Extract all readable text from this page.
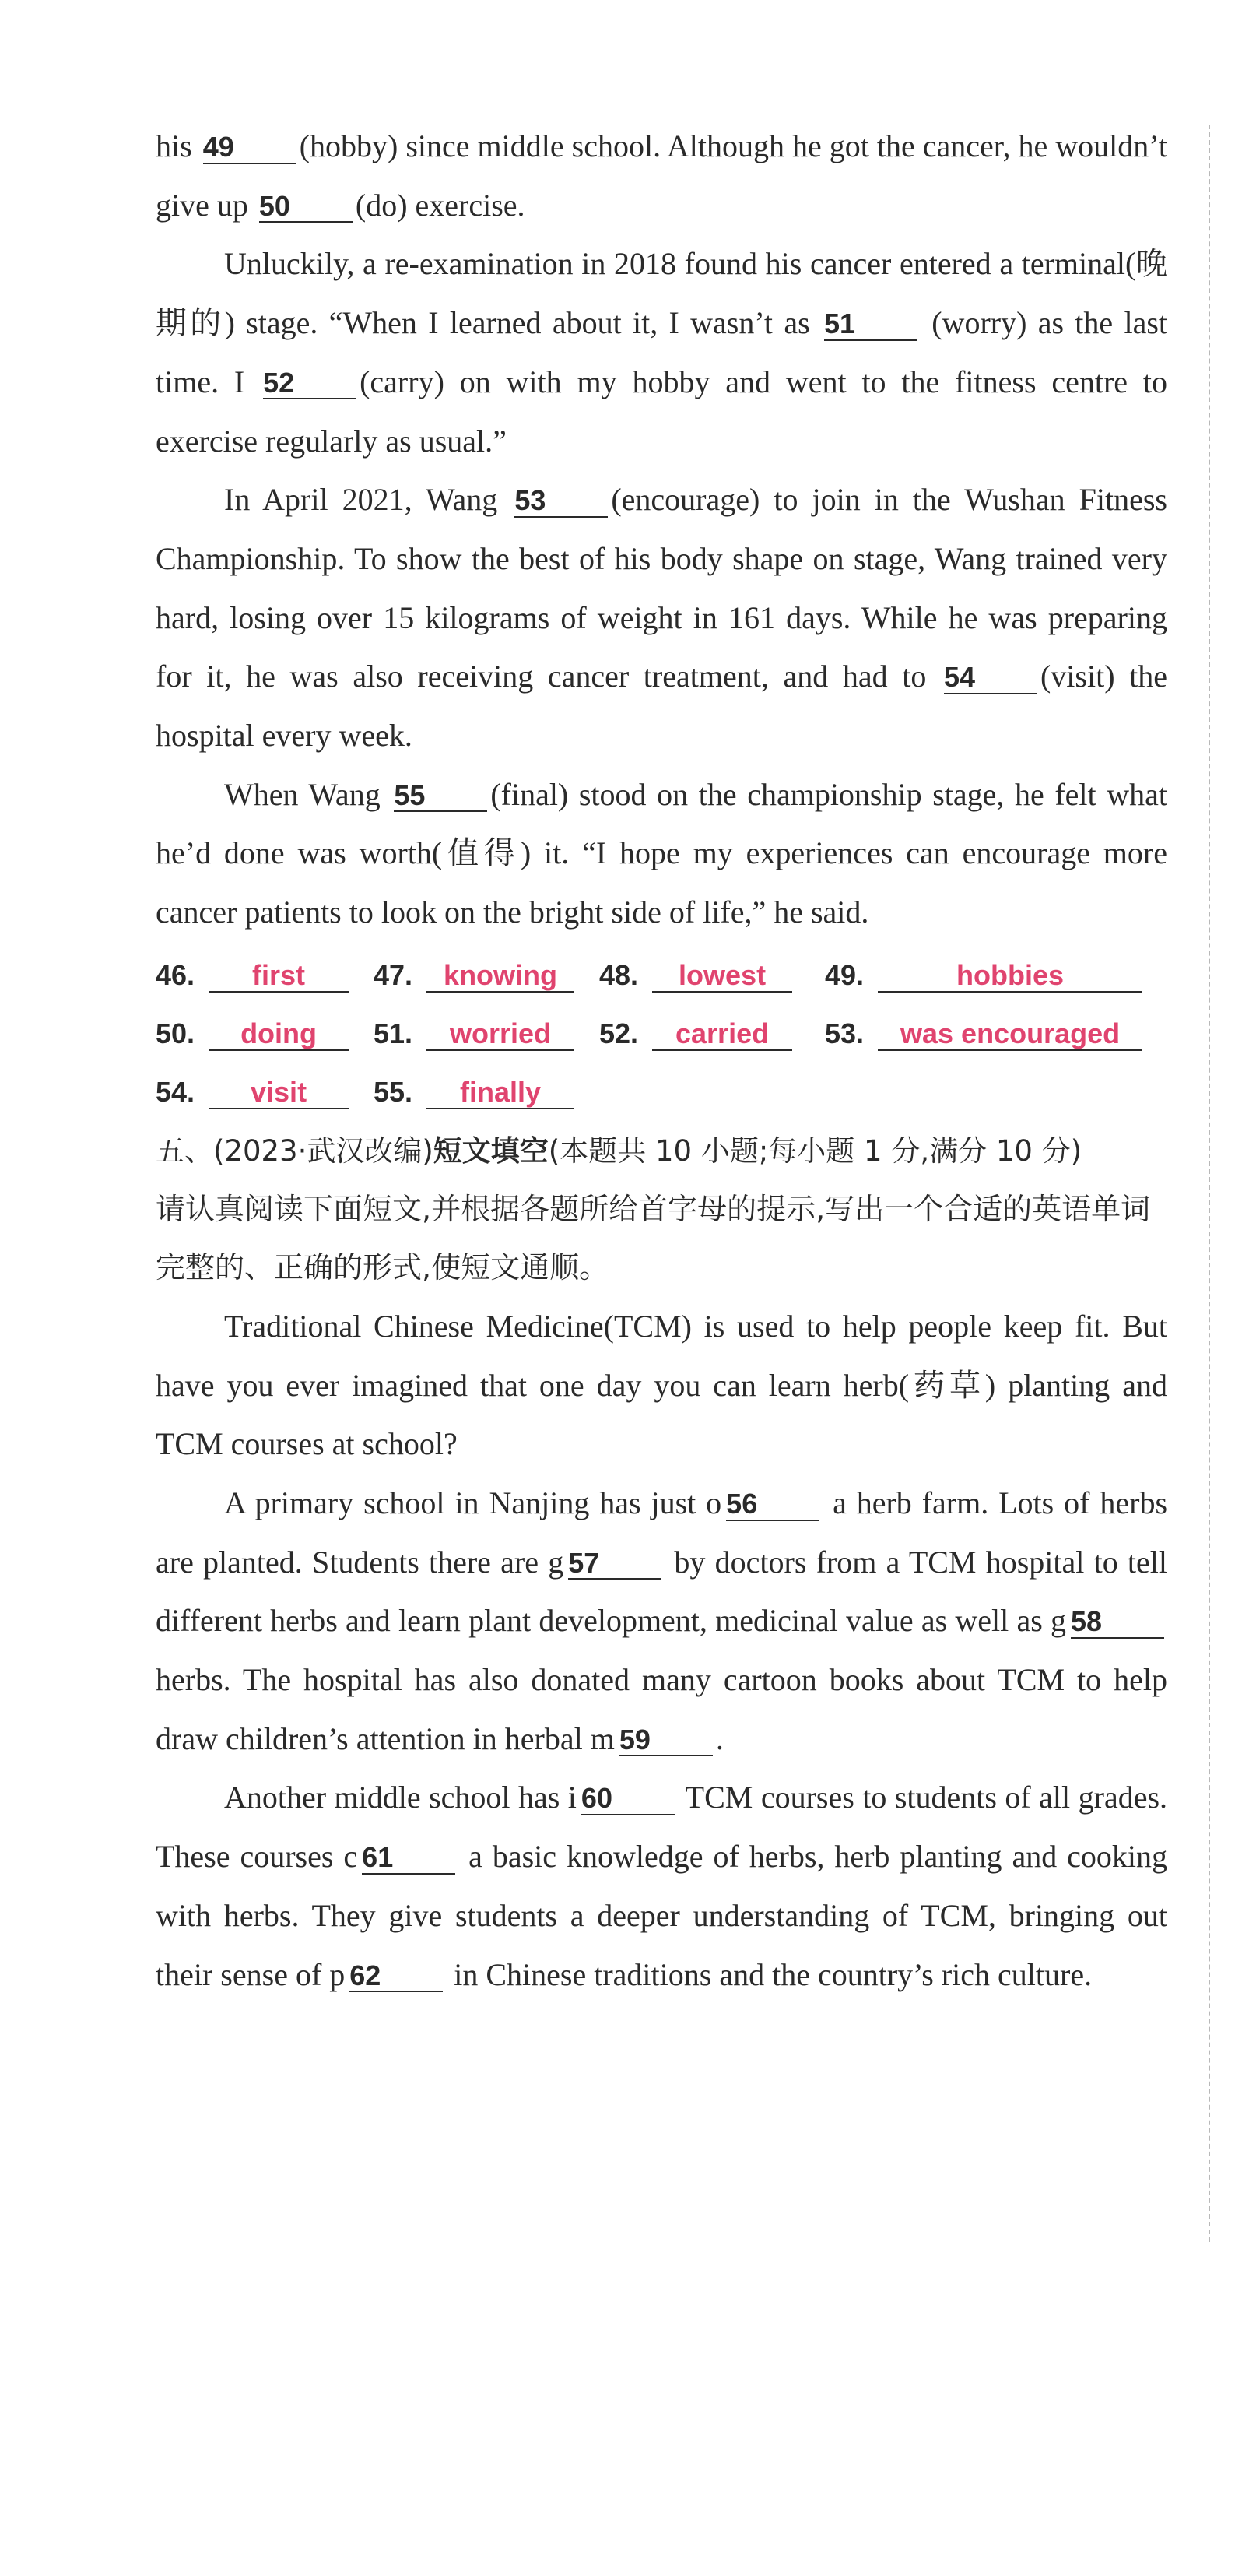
his 49 (hobby) since middle school. Although he got the cancer, he wouldn’t give up 50 (do) exercise.

Unluckily, a re-examination in 2018 found his cancer entered a terminal(晚期的) stage. “When I learned about it, I wasn’t as 51 (worry) as the last time. I 52 (carry) on with my hobby and went to the fitness centre to exercise regularly as usual.”

In April 2021, Wang 53 (encourage) to join in the Wushan Fitness Championship. To show the best of his body shape on stage, Wang trained very hard, losing over 15 kilograms of weight in 161 days. While he was preparing for it, he was also receiving cancer treatment, and had to 54 (visit) the hospital every week.

When Wang 55 (final) stood on the championship stage, he felt what he’d done was worth(值得) it. “I hope my experiences can encourage more cancer patients to look on the bright side of life,” he said.

46.	first	47.	knowing	48.	lowest	49.	hobbies
50.	doing	51.	worried	52.	carried	53.	was encouraged
54.	visit	55.	finally

五、(2023·武汉改编)短文填空(本题共 10 小题;每小题 1 分,满分 10 分)

请认真阅读下面短文,并根据各题所给首字母的提示,写出一个合适的英语单词完整的、正确的形式,使短文通顺。

Traditional Chinese Medicine(TCM) is used to help people keep fit. But have you ever imagined that one day you can learn herb(药草) planting and TCM courses at school?

A primary school in Nanjing has just o 56 a herb farm. Lots of herbs are planted. Students there are g 57 by doctors from a TCM hospital to tell different herbs and learn plant development, medicinal value as well as g 58 herbs. The hospital has also donated many cartoon books about TCM to help draw children’s attention in herbal m 59 .

Another middle school has i 60 TCM courses to students of all grades. These courses c 61 a basic knowledge of herbs, herb planting and cooking with herbs. They give students a deeper understanding of TCM, bringing out their sense of p 62 in Chinese traditions and the country’s rich culture.
